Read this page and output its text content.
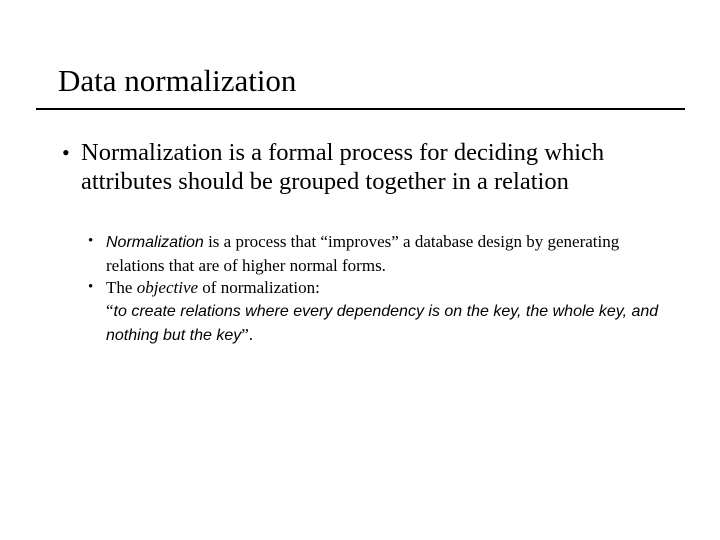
Data normalization
• Normalization is a formal process for deciding which attributes should be grouped together in a relation
• Normalization is a process that “improves” a database design by generating relations that are of higher normal forms.
• The objective of normalization:
“to create relations where every dependency is on the key, the whole key, and nothing but the key”.
